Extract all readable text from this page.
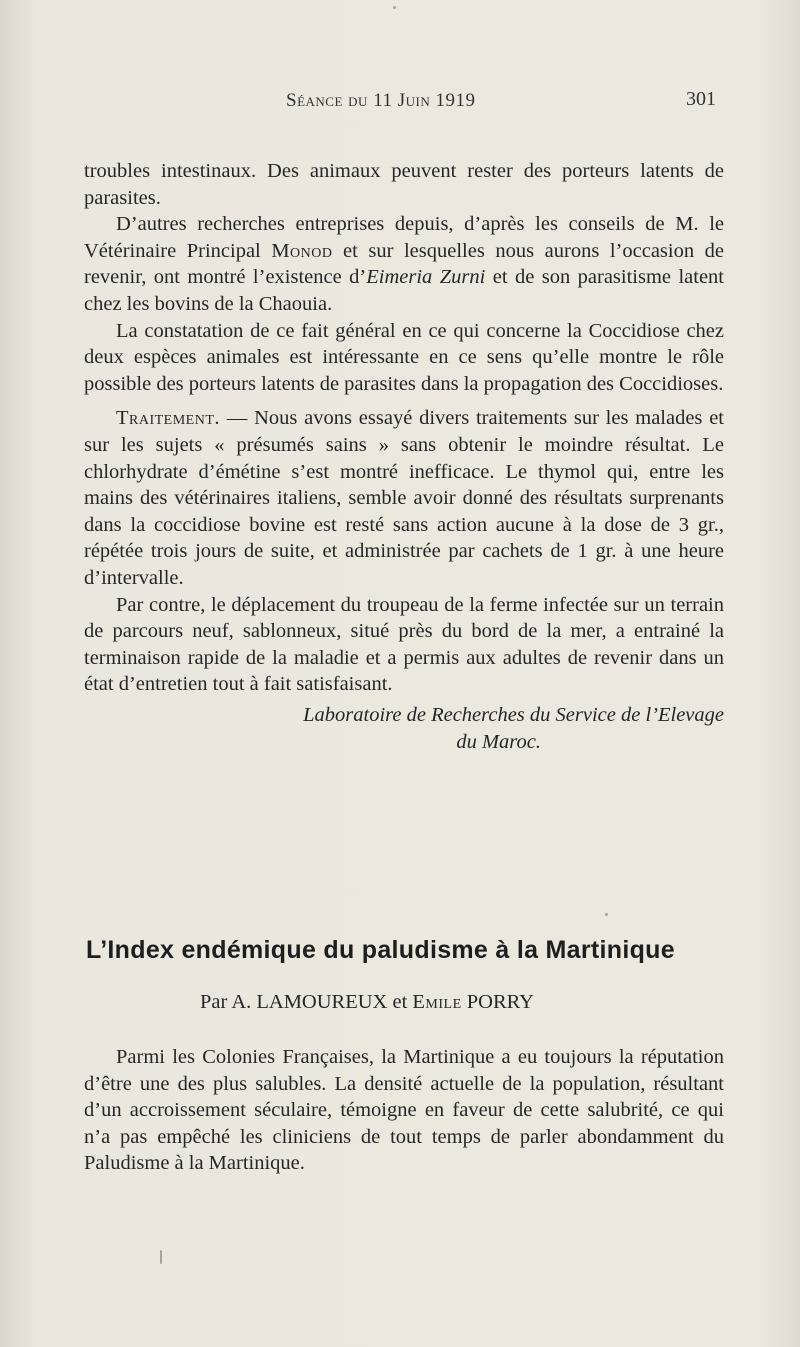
Séance du 11 Juin 1919	301

troubles intestinaux. Des animaux peuvent rester des porteurs latents de parasites.

D’autres recherches entreprises depuis, d’après les conseils de M. le Vétérinaire Principal Monod et sur lesquelles nous aurons l’occasion de revenir, ont montré l’existence d’Eimeria Zurni et de son parasitisme latent chez les bovins de la Chaouia.

La constatation de ce fait général en ce qui concerne la Coccidiose chez deux espèces animales est intéressante en ce sens qu’elle montre le rôle possible des porteurs latents de parasites dans la propagation des Coccidioses.

Traitement. — Nous avons essayé divers traitements sur les malades et sur les sujets « présumés sains » sans obtenir le moindre résultat. Le chlorhydrate d’émétine s’est montré inefficace. Le thymol qui, entre les mains des vétérinaires italiens, semble avoir donné des résultats surprenants dans la coccidiose bovine est resté sans action aucune à la dose de 3 gr., répétée trois jours de suite, et administrée par cachets de 1 gr. à une heure d’intervalle.

Par contre, le déplacement du troupeau de la ferme infectée sur un terrain de parcours neuf, sablonneux, situé près du bord de la mer, a entrainé la terminaison rapide de la maladie et a permis aux adultes de revenir dans un état d’entretien tout à fait satisfaisant.

Laboratoire de Recherches du Service de l’Elevage
du Maroc.
L’Index endémique du paludisme à la Martinique
Par A. LAMOUREUX et Emile PORRY

Parmi les Colonies Françaises, la Martinique a eu toujours la réputation d’être une des plus salubles. La densité actuelle de la population, résultant d’un accroissement séculaire, témoigne en faveur de cette salubrité, ce qui n’a pas empêché les cliniciens de tout temps de parler abondamment du Paludisme à la Martinique.
